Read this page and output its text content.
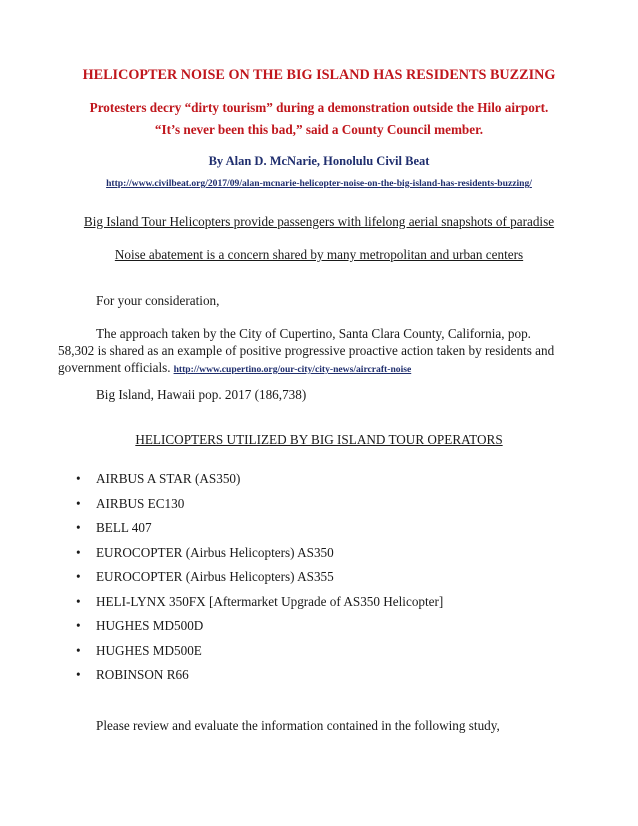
HELICOPTER NOISE ON THE BIG ISLAND HAS RESIDENTS BUZZING
Protesters decry “dirty tourism” during a demonstration outside the Hilo airport.
“It’s never been this bad,” said a County Council member.
By Alan D. McNarie, Honolulu Civil Beat
http://www.civilbeat.org/2017/09/alan-mcnarie-helicopter-noise-on-the-big-island-has-residents-buzzing/
Big Island Tour Helicopters provide passengers with lifelong aerial snapshots of paradise
Noise abatement is a concern shared by many metropolitan and urban centers
For your consideration,
The approach taken by the City of Cupertino, Santa Clara County, California, pop.
58,302 is shared as an example of positive progressive proactive action taken by residents and
government officials. http://www.cupertino.org/our-city/city-news/aircraft-noise
Big Island, Hawaii pop. 2017 (186,738)
HELICOPTERS UTILIZED BY BIG ISLAND TOUR OPERATORS
• AIRBUS A STAR (AS350)
• AIRBUS EC130
• BELL 407
• EUROCOPTER (Airbus Helicopters) AS350
• EUROCOPTER (Airbus Helicopters) AS355
• HELI-LYNX 350FX [Aftermarket Upgrade of AS350 Helicopter]
• HUGHES MD500D
• HUGHES MD500E
• ROBINSON R66
Please review and evaluate the information contained in the following study,
